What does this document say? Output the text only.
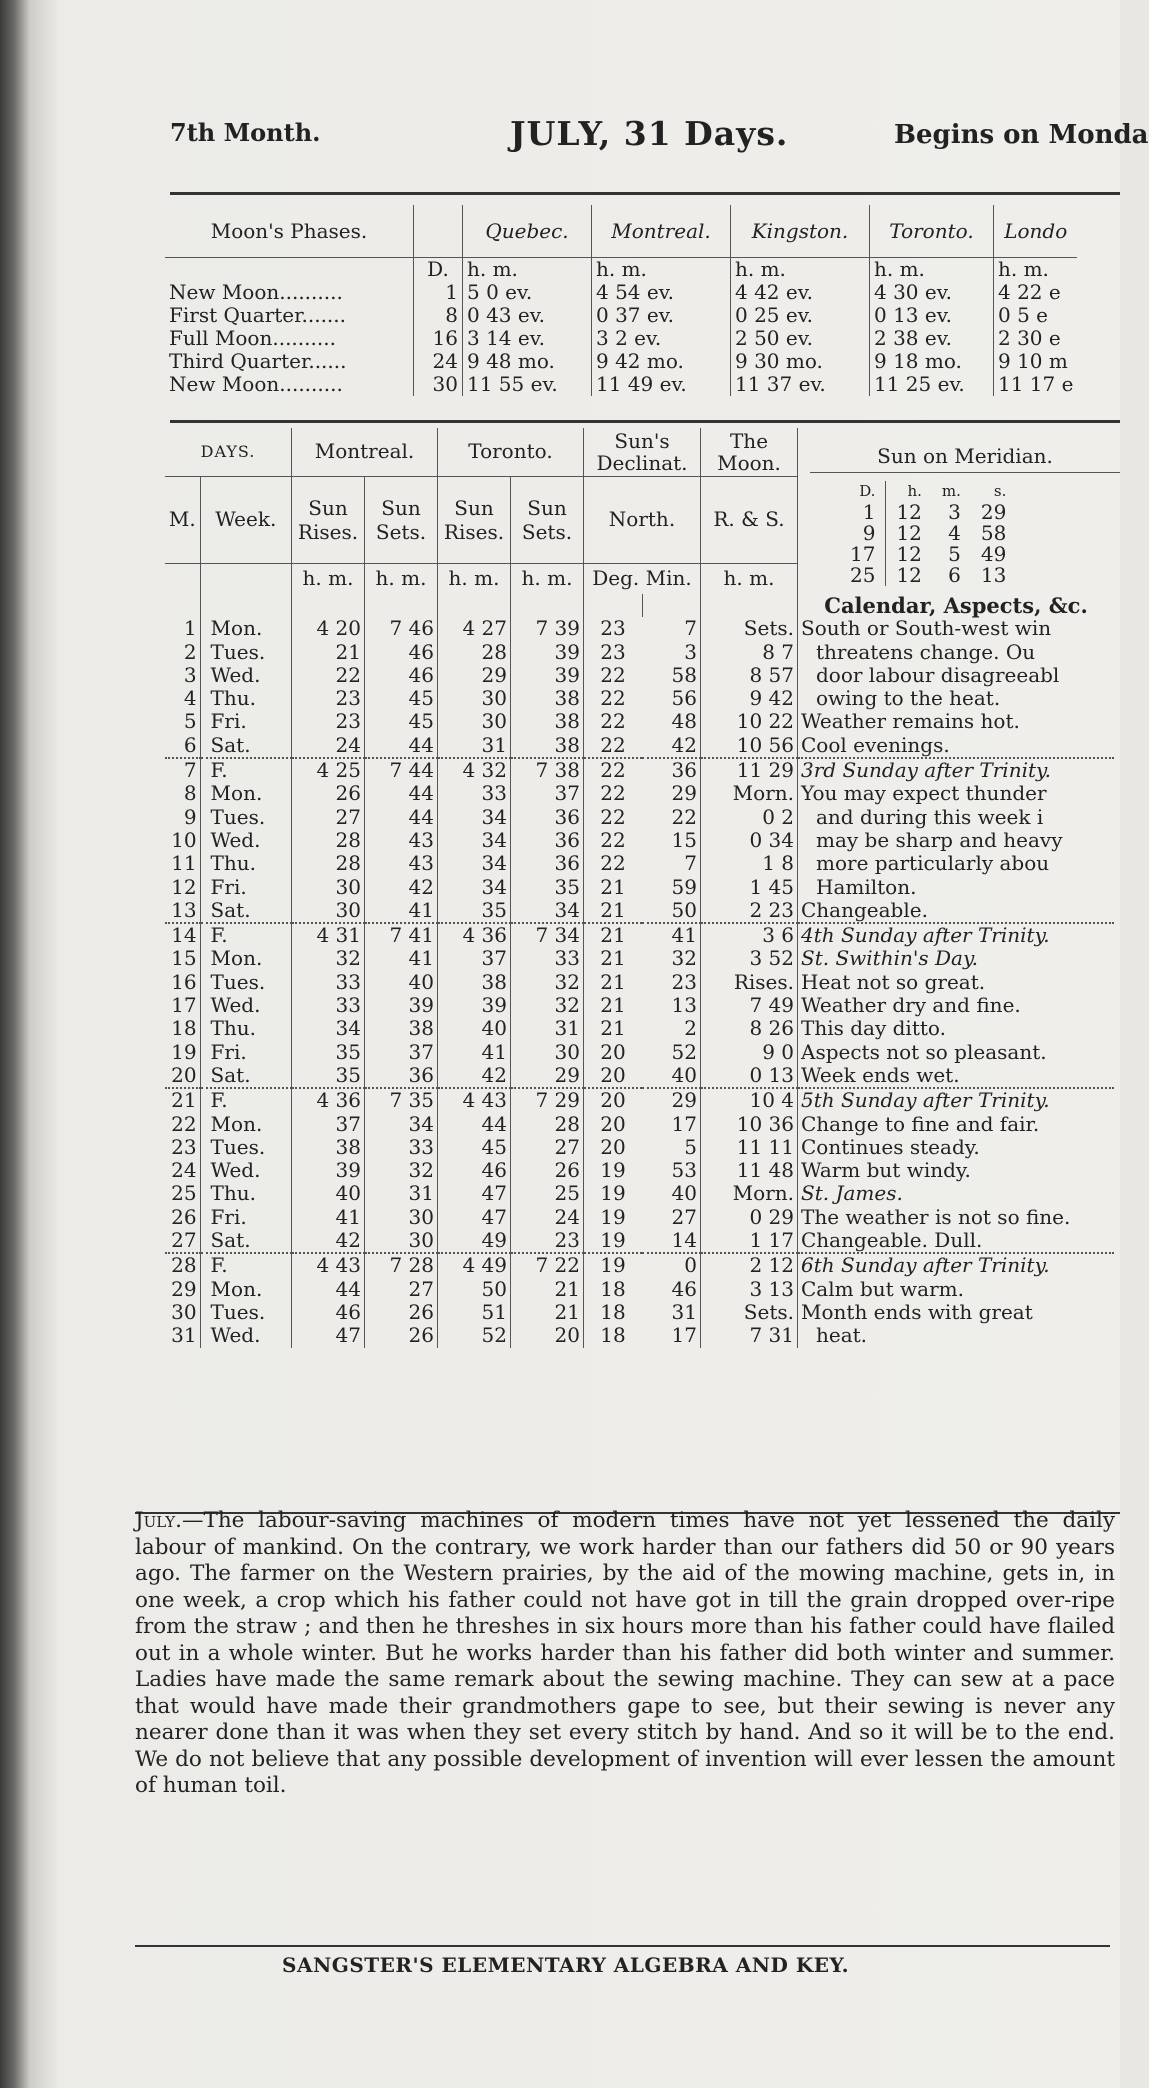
7th Month.	JULY, 31 Days.	Begins on Monda
Moon's Phases.		Quebec.	Montreal.	Kingston.	Toronto.	Londo
	D.	h. m.	h. m.	h. m.	h. m.	h. m.
New Moon..........	1	5 0 ev.	4 54 ev.	4 42 ev.	4 30 ev.	4 22 e
First Quarter.......	8	0 43 ev.	0 37 ev.	0 25 ev.	0 13 ev.	0 5 e
Full Moon..........	16	3 14 ev.	3 2 ev.	2 50 ev.	2 38 ev.	2 30 e
Third Quarter......	24	9 48 mo.	9 42 mo.	9 30 mo.	9 18 mo.	9 10 m
New Moon..........	30	11 55 ev.	11 49 ev.	11 37 ev.	11 25 ev.	11 17 e
DAYS.		Montreal.		Toronto.		Sun's Declinat.		The Moon.	
M.	Week.	Sun Rises.	Sun Sets.	Sun Rises.	Sun Sets.	North.		R. & S.	
		h. m.	h. m.	h. m.	h. m.	Deg. Min.		h. m.	
									Calendar, Aspects, &c.
1	Mon.	4 20	7 46	4 27	7 39	23	7	Sets.	South or South-west win
2	Tues.	21	46	28	39	23	3	8 7	threatens change. Ou
3	Wed.	22	46	29	39	22	58	8 57	door labour disagreeabl
4	Thu.	23	45	30	38	22	56	9 42	owing to the heat.
5	Fri.	23	45	30	38	22	48	10 22	Weather remains hot.
6	Sat.	24	44	31	38	22	42	10 56	Cool evenings.
7	F.	4 25	7 44	4 32	7 38	22	36	11 29	3rd Sunday after Trinity.
8	Mon.	26	44	33	37	22	29	Morn.	You may expect thunder
9	Tues.	27	44	34	36	22	22	0 2	and during this week i
10	Wed.	28	43	34	36	22	15	0 34	may be sharp and heavy
11	Thu.	28	43	34	36	22	7	1 8	more particularly abou
12	Fri.	30	42	34	35	21	59	1 45	Hamilton.
13	Sat.	30	41	35	34	21	50	2 23	Changeable.
14	F.	4 31	7 41	4 36	7 34	21	41	3 6	4th Sunday after Trinity.
15	Mon.	32	41	37	33	21	32	3 52	St. Swithin's Day.
16	Tues.	33	40	38	32	21	23	Rises.	Heat not so great.
17	Wed.	33	39	39	32	21	13	7 49	Weather dry and fine.
18	Thu.	34	38	40	31	21	2	8 26	This day ditto.
19	Fri.	35	37	41	30	20	52	9 0	Aspects not so pleasant.
20	Sat.	35	36	42	29	20	40	0 13	Week ends wet.
21	F.	4 36	7 35	4 43	7 29	20	29	10 4	5th Sunday after Trinity.
22	Mon.	37	34	44	28	20	17	10 36	Change to fine and fair.
23	Tues.	38	33	45	27	20	5	11 11	Continues steady.
24	Wed.	39	32	46	26	19	53	11 48	Warm but windy.
25	Thu.	40	31	47	25	19	40	Morn.	St. James.
26	Fri.	41	30	47	24	19	27	0 29	The weather is not so fine.
27	Sat.	42	30	49	23	19	14	1 17	Changeable. Dull.
28	F.	4 43	7 28	4 49	7 22	19	0	2 12	6th Sunday after Trinity.
29	Mon.	44	27	50	21	18	46	3 13	Calm but warm.
30	Tues.	46	26	51	21	18	31	Sets.	Month ends with great
31	Wed.	47	26	52	20	18	17	7 31	heat.
Sun on Meridian.
D.	h.	m.	s.
1	12	3	29
9	12	4	58
17	12	5	49
25	12	6	13
July.—The labour-saving machines of modern times have not yet lessened the daily labour of mankind. On the contrary, we work harder than our fathers did 50 or 90 years ago. The farmer on the Western prairies, by the aid of the mowing machine, gets in, in one week, a crop which his father could not have got in till the grain dropped over-ripe from the straw ; and then he threshes in six hours more than his father could have flailed out in a whole winter. But he works harder than his father did both winter and summer. Ladies have made the same remark about the sewing machine. They can sew at a pace that would have made their grandmothers gape to see, but their sewing is never any nearer done than it was when they set every stitch by hand. And so it will be to the end. We do not believe that any possible development of invention will ever lessen the amount of human toil.
SANGSTER'S ELEMENTARY ALGEBRA AND KEY.
